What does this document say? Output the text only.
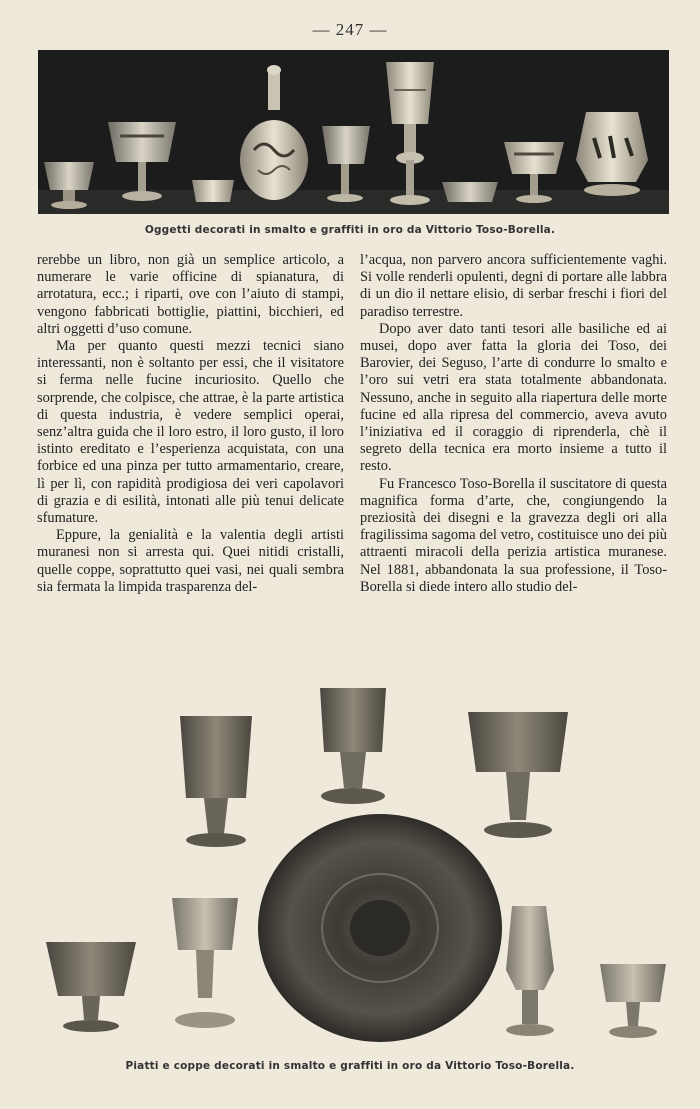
— 247 —
Oggetti decorati in smalto e graffiti in oro da Vittorio Toso-Borella.

rerebbe un libro, non già un semplice articolo, a numerare le varie officine di spianatura, di arrotatura, ecc.; i riparti, ove con l’aiuto di stampi, vengono fabbricati bottiglie, piattini, bicchieri, ed altri oggetti d’uso comune.

Ma per quanto questi mezzi tecnici siano interessanti, non è soltanto per essi, che il visitatore si ferma nelle fucine incuriosito. Quello che sorprende, che colpisce, che attrae, è la parte artistica di questa industria, è vedere semplici operai, senz’altra guida che il loro estro, il loro gusto, il loro istinto ereditato e l’esperienza acquistata, con una forbice ed una pinza per tutto armamentario, creare, lì per lì, con rapidità prodigiosa dei veri capolavori di grazia e di esilità, intonati alle più tenui delicate sfumature.

Eppure, la genialità e la valentia degli artisti muranesi non si arresta qui. Quei nitidi cristalli, quelle coppe, soprattutto quei vasi, nei quali sembra sia fermata la limpida trasparenza del-

l’acqua, non parvero ancora sufficientemente vaghi. Si volle renderli opulenti, degni di portare alle labbra di un dio il nettare elisio, di serbar freschi i fiori del paradiso terrestre.

Dopo aver dato tanti tesori alle basiliche ed ai musei, dopo aver fatta la gloria dei Toso, dei Barovier, dei Seguso, l’arte di condurre lo smalto e l’oro sui vetri era stata totalmente abbandonata. Nessuno, anche in seguito alla riapertura delle morte fucine ed alla ripresa del commercio, aveva avuto l’iniziativa ed il coraggio di riprenderla, chè il segreto della tecnica era morto insieme a tutto il resto.

Fu Francesco Toso-Borella il suscitatore di questa magnifica forma d’arte, che, congiungendo la preziosità dei disegni e la gravezza degli ori alla fragilissima sagoma del vetro, costituisce uno dei più attraenti miracoli della perizia artistica muranese. Nel 1881, abbandonata la sua professione, il Toso-Borella si diede intero allo studio del-

Piatti e coppe decorati in smalto e graffiti in oro da Vittorio Toso-Borella.
